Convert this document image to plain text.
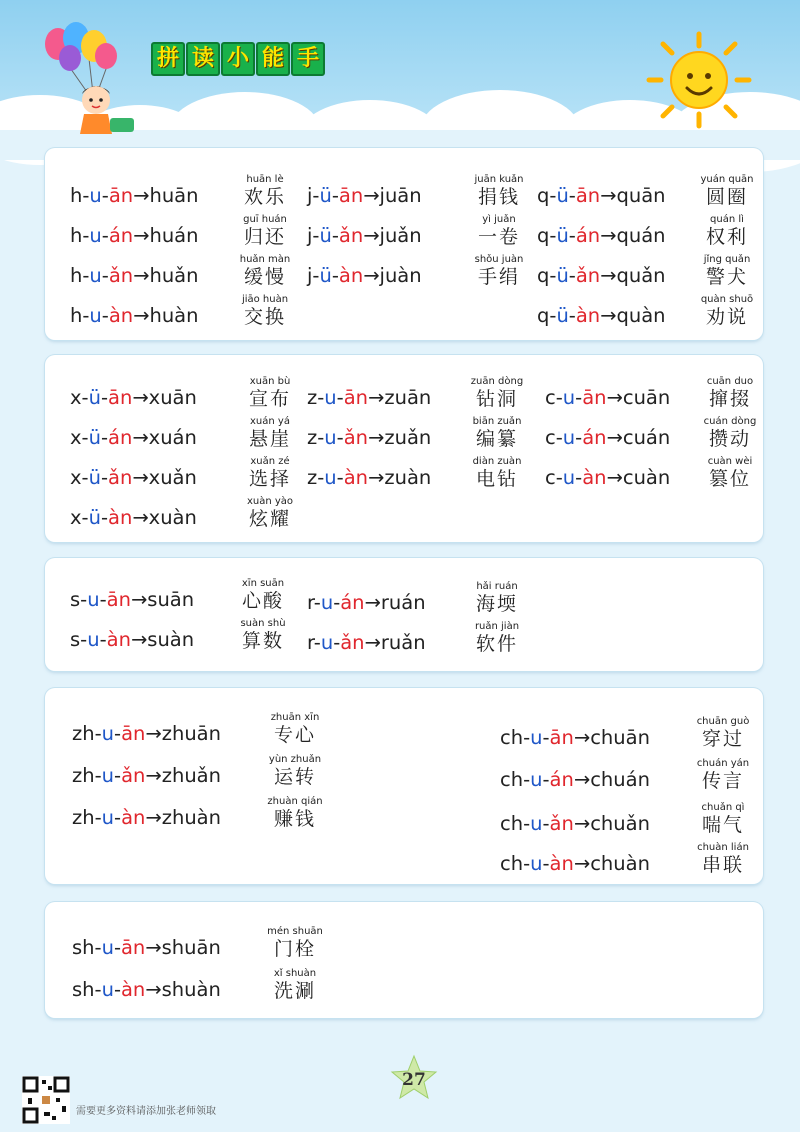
拼 读 小 能 手
h-u-ān→huān
huān lè
欢乐
h-u-án→huán
guī huán
归还
h-u-ǎn→huǎn
huǎn màn
缓慢
h-u-àn→huàn
jiāo huàn
交换
j-ü-ān→juān
juān kuǎn
捐钱
j-ü-ǎn→juǎn
yì juǎn
一卷
j-ü-àn→juàn
shǒu juàn
手绢
q-ü-ān→quān
yuán quān
圆圈
q-ü-án→quán
quán lì
权利
q-ü-ǎn→quǎn
jǐng quǎn
警犬
q-ü-àn→quàn
quàn shuō
劝说
x-ü-ān→xuān
xuān bù
宣布
x-ü-án→xuán
xuán yá
悬崖
x-ü-ǎn→xuǎn
xuǎn zé
选择
x-ü-àn→xuàn
xuàn yào
炫耀
z-u-ān→zuān
zuān dòng
钻洞
z-u-ǎn→zuǎn
biān zuǎn
编纂
z-u-àn→zuàn
diàn zuàn
电钻
c-u-ān→cuān
cuān duo
撺掇
c-u-án→cuán
cuán dòng
攒动
c-u-àn→cuàn
cuàn wèi
篡位
s-u-ān→suān
xīn suān
心酸
s-u-àn→suàn
suàn shù
算数
r-u-án→ruán
hǎi ruán
海堧
r-u-ǎn→ruǎn
ruǎn jiàn
软件
zh-u-ān→zhuān
zhuān xīn
专心
zh-u-ǎn→zhuǎn
yùn zhuǎn
运转
zh-u-àn→zhuàn
zhuàn qián
赚钱
ch-u-ān→chuān
chuān guò
穿过
ch-u-án→chuán
chuán yán
传言
ch-u-ǎn→chuǎn
chuǎn qì
喘气
ch-u-àn→chuàn
chuàn lián
串联
sh-u-ān→shuān
mén shuān
门栓
sh-u-àn→shuàn
xǐ shuàn
洗涮
27
需要更多资料请添加张老师领取
